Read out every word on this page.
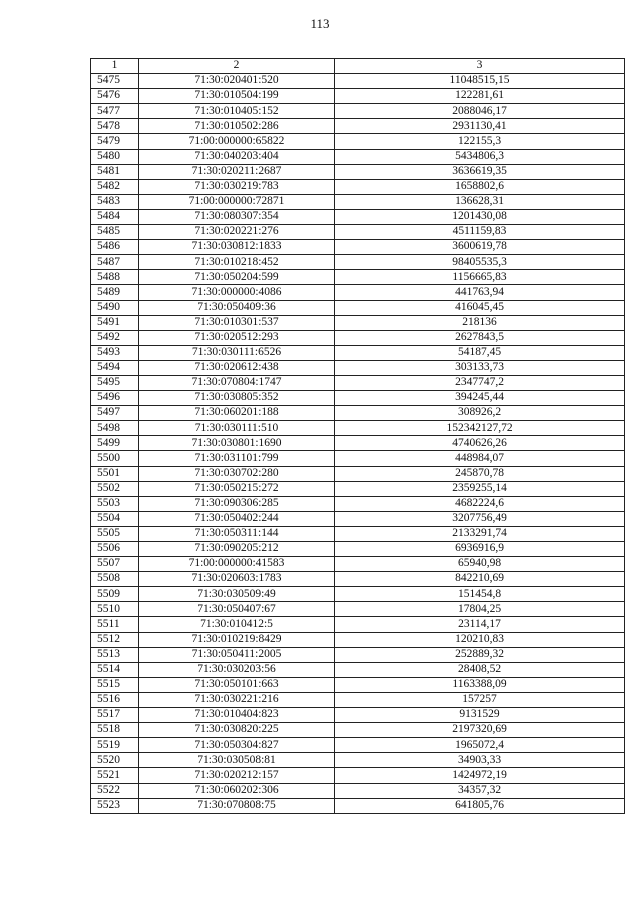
113
1	2	3
5475	71:30:020401:520	11048515,15
5476	71:30:010504:199	122281,61
5477	71:30:010405:152	2088046,17
5478	71:30:010502:286	2931130,41
5479	71:00:000000:65822	122155,3
5480	71:30:040203:404	5434806,3
5481	71:30:020211:2687	3636619,35
5482	71:30:030219:783	1658802,6
5483	71:00:000000:72871	136628,31
5484	71:30:080307:354	1201430,08
5485	71:30:020221:276	4511159,83
5486	71:30:030812:1833	3600619,78
5487	71:30:010218:452	98405535,3
5488	71:30:050204:599	1156665,83
5489	71:30:000000:4086	441763,94
5490	71:30:050409:36	416045,45
5491	71:30:010301:537	218136
5492	71:30:020512:293	2627843,5
5493	71:30:030111:6526	54187,45
5494	71:30:020612:438	303133,73
5495	71:30:070804:1747	2347747,2
5496	71:30:030805:352	394245,44
5497	71:30:060201:188	308926,2
5498	71:30:030111:510	152342127,72
5499	71:30:030801:1690	4740626,26
5500	71:30:031101:799	448984,07
5501	71:30:030702:280	245870,78
5502	71:30:050215:272	2359255,14
5503	71:30:090306:285	4682224,6
5504	71:30:050402:244	3207756,49
5505	71:30:050311:144	2133291,74
5506	71:30:090205:212	6936916,9
5507	71:00:000000:41583	65940,98
5508	71:30:020603:1783	842210,69
5509	71:30:030509:49	151454,8
5510	71:30:050407:67	17804,25
5511	71:30:010412:5	23114,17
5512	71:30:010219:8429	120210,83
5513	71:30:050411:2005	252889,32
5514	71:30:030203:56	28408,52
5515	71:30:050101:663	1163388,09
5516	71:30:030221:216	157257
5517	71:30:010404:823	9131529
5518	71:30:030820:225	2197320,69
5519	71:30:050304:827	1965072,4
5520	71:30:030508:81	34903,33
5521	71:30:020212:157	1424972,19
5522	71:30:060202:306	34357,32
5523	71:30:070808:75	641805,76
